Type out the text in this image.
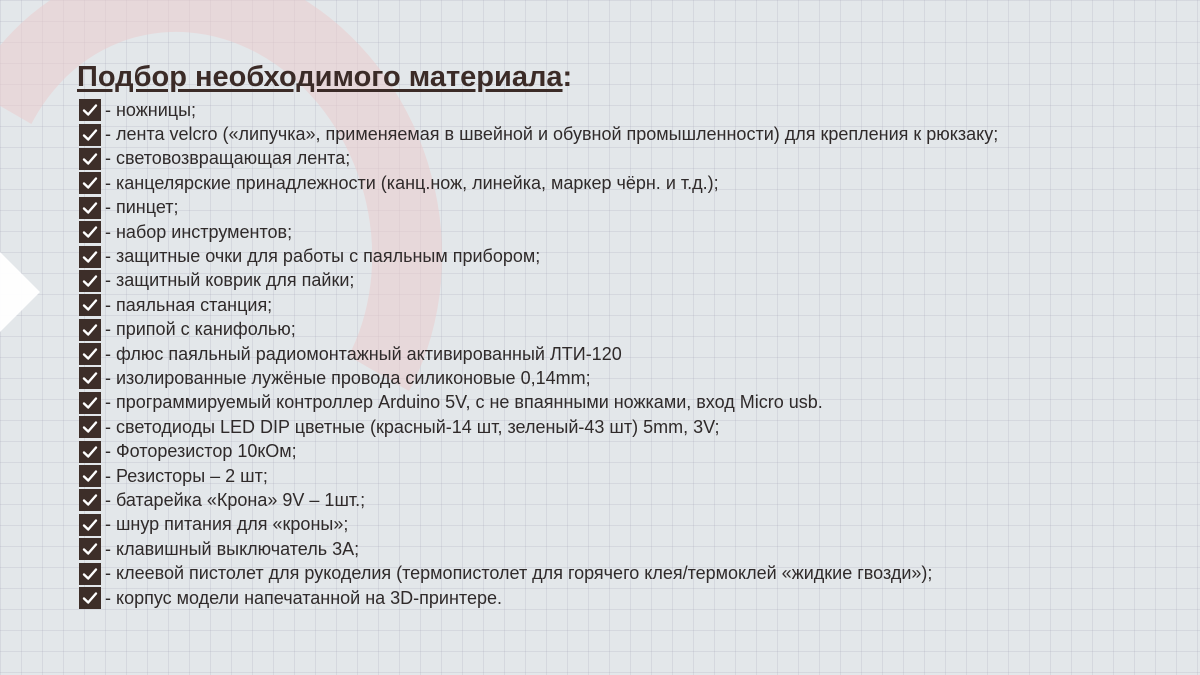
Подбор необходимого материала:
- ножницы;
- лента velcro («липучка», применяемая в швейной и обувной промышленности) для крепления к рюкзаку;
- световозвращающая лента;
- канцелярские принадлежности (канц.нож, линейка, маркер чёрн. и т.д.);
- пинцет;
- набор инструментов;
- защитные очки для работы с паяльным прибором;
- защитный коврик для пайки;
- паяльная станция;
- припой с канифолью;
- флюс паяльный радиомонтажный активированный ЛТИ-120
- изолированные лужёные провода силиконовые 0,14mm;
- программируемый контроллер Arduino 5V, с не впаянными ножками, вход Micro usb.
- светодиоды LED DIP цветные (красный-14 шт, зеленый-43 шт) 5mm, 3V;
- Фоторезистор 10кОм;
- Резисторы – 2 шт;
- батарейка «Крона» 9V – 1шт.;
- шнур питания для «кроны»;
- клавишный выключатель 3А;
- клеевой пистолет для рукоделия (термопистолет для горячего клея/термоклей «жидкие гвозди»);
- корпус модели напечатанной на 3D-принтере.
